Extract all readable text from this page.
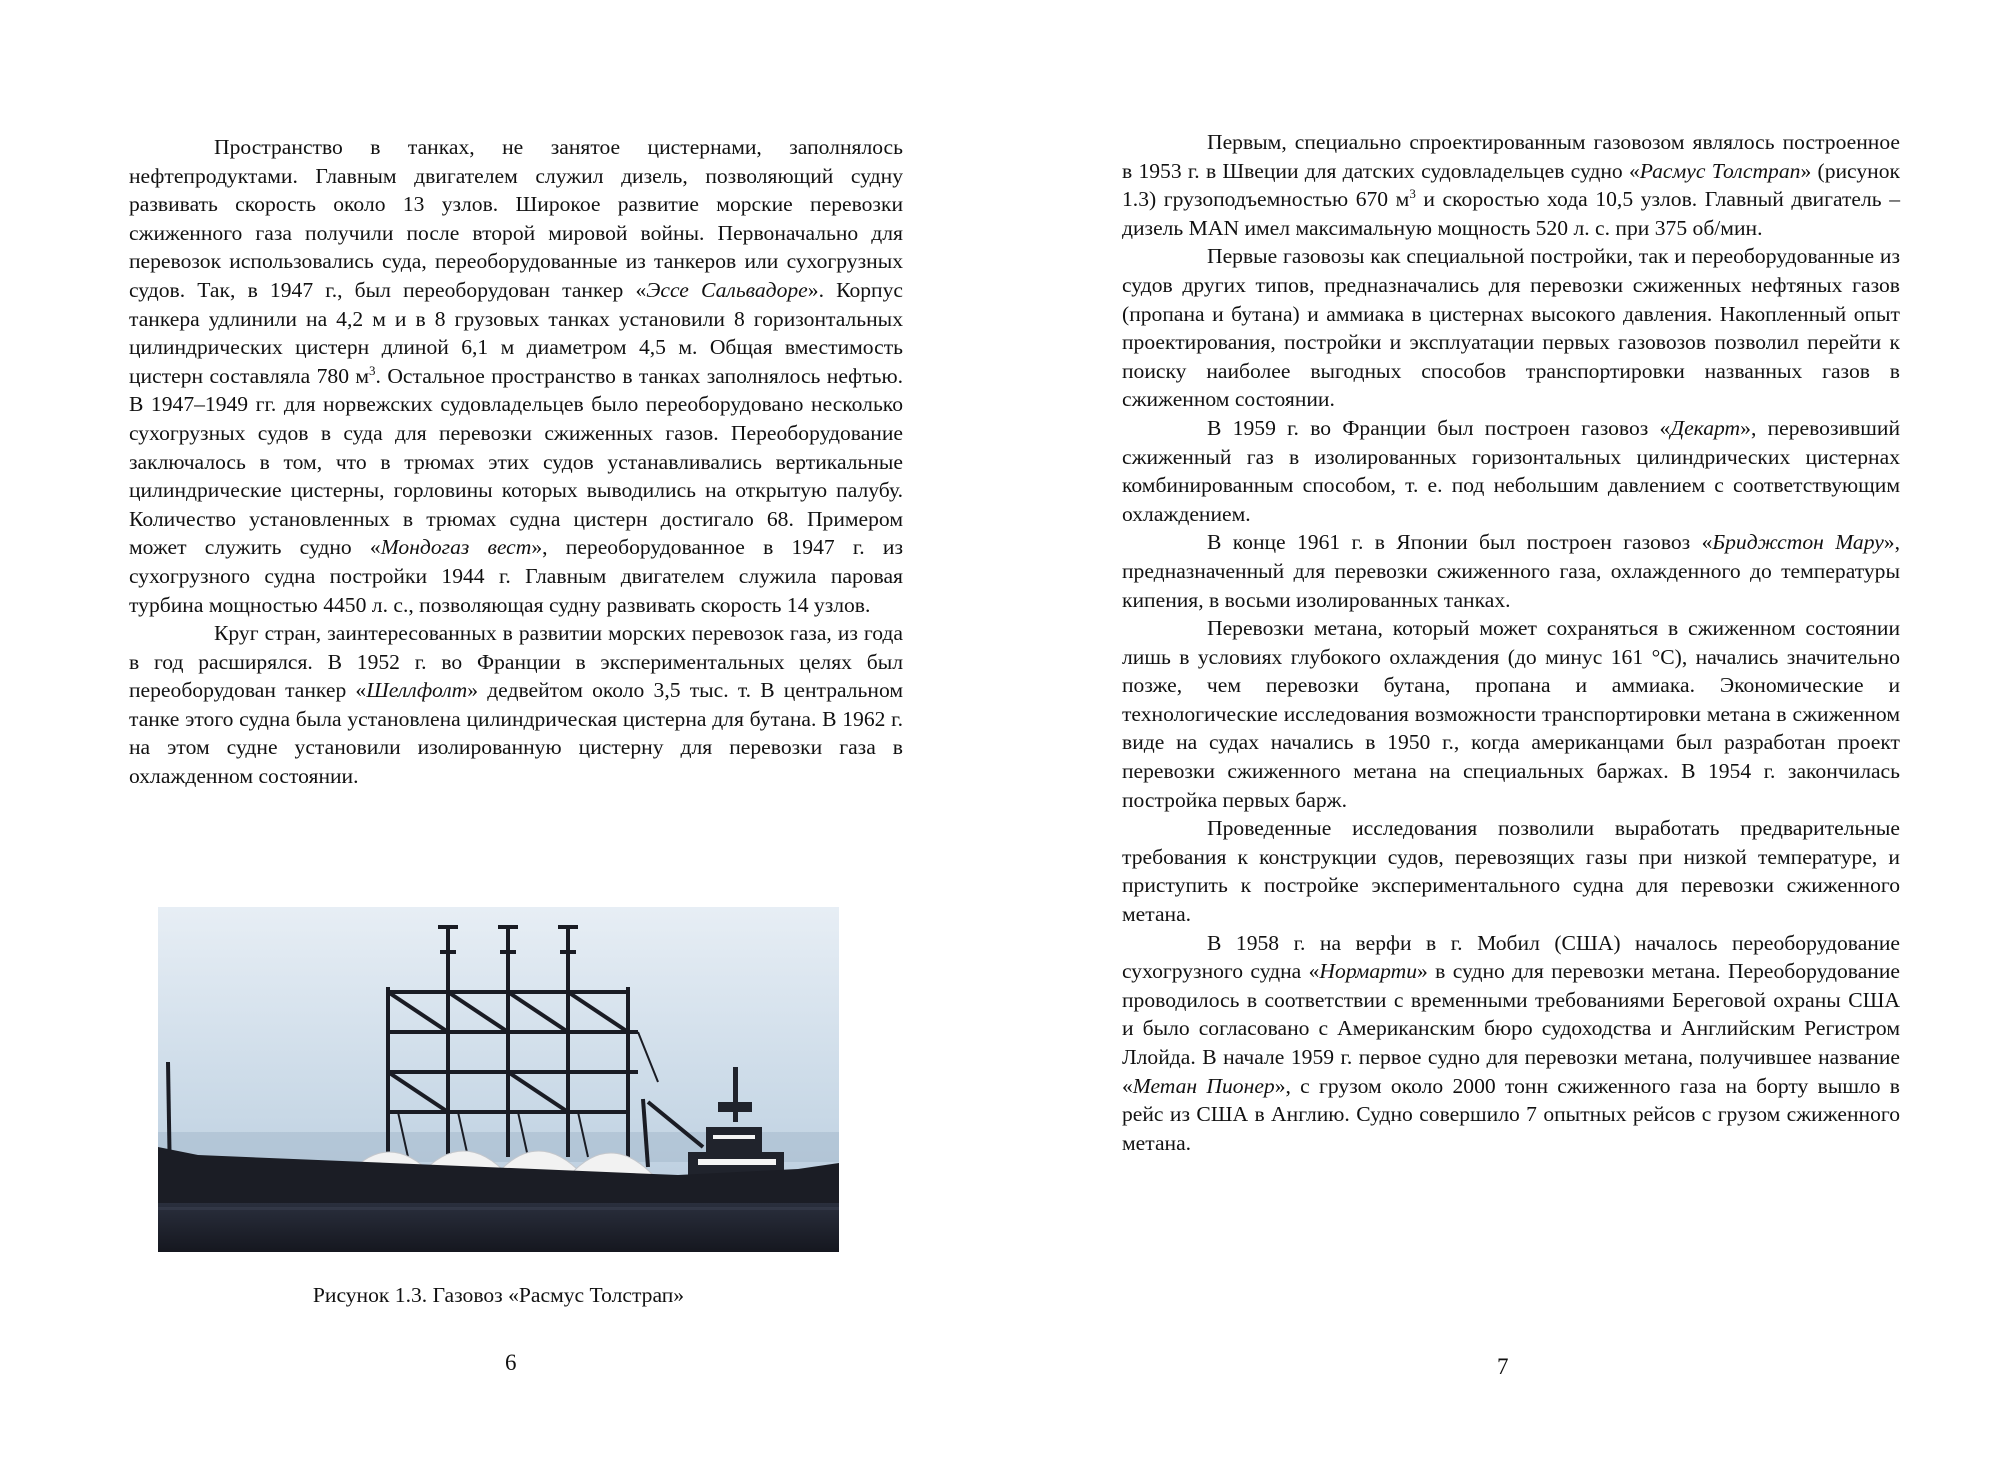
Пространство в танках, не занятое цистернами, заполнялось нефтепродуктами. Главным двигателем служил дизель, позволяющий судну развивать скорость около 13 узлов. Широкое развитие морские перевозки сжиженного газа получили после второй мировой войны. Первоначально для перевозок использовались суда, переоборудованные из танкеров или сухогрузных судов. Так, в 1947 г., был переоборудован танкер «Эссе Сальвадоре». Корпус танкера удлинили на 4,2 м и в 8 грузовых танках установили 8 горизонтальных цилиндрических цистерн длиной 6,1 м диаметром 4,5 м. Общая вместимость цистерн составляла 780 $м^3$. Остальное пространство в танках заполнялось нефтью. В 1947–1949 гг. для норвежских судовладельцев было переоборудовано несколько сухогрузных судов в суда для перевозки сжиженных газов. Переоборудование заключалось в том, что в трюмах этих судов устанавливались вертикальные цилиндрические цистерны, горловины которых выводились на открытую палубу. Количество установленных в трюмах судна цистерн достигало 68. Примером может служить судно «Мондогаз вест», переоборудованное в 1947 г. из сухогрузного судна постройки 1944 г. Главным двигателем служила паровая турбина мощностью 4450 л. с., позволяющая судну развивать скорость 14 узлов.

Круг стран, заинтересованных в развитии морских перевозок газа, из года в год расширялся. В 1952 г. во Франции в экспериментальных целях был переоборудован танкер «Шеллфолт» дедвейтом около 3,5 тыс. т. В центральном танке этого судна была установлена цилиндрическая цистерна для бутана. В 1962 г. на этом судне установили изолированную цистерну для перевозки газа в охлажденном состоянии.

Рисунок 1.3. Газовоз «Расмус Толстрап»
6

Первым, специально спроектированным газовозом являлось построенное в 1953 г. в Швеции для датских судовладельцев судно «Расмус Толстрап» (рисунок 1.3) грузоподъемностью 670 $м^3$ и скоростью хода 10,5 узлов. Главный двигатель – дизель MAN имел максимальную мощность 520 л. с. при 375 об/мин.

Первые газовозы как специальной постройки, так и переоборудованные из судов других типов, предназначались для перевозки сжиженных нефтяных газов (пропана и бутана) и аммиака в цистернах высокого давления. Накопленный опыт проектирования, постройки и эксплуатации первых газовозов позволил перейти к поиску наиболее выгодных способов транспортировки названных газов в сжиженном состоянии.

В 1959 г. во Франции был построен газовоз «Декарт», перевозивший сжиженный газ в изолированных горизонтальных цилиндрических цистернах комбинированным способом, т. е. под небольшим давлением с соответствующим охлаждением.

В конце 1961 г. в Японии был построен газовоз «Бриджстон Мару», предназначенный для перевозки сжиженного газа, охлажденного до температуры кипения, в восьми изолированных танках.

Перевозки метана, который может сохраняться в сжиженном состоянии лишь в условиях глубокого охлаждения (до минус 161 °С), начались значительно позже, чем перевозки бутана, пропана и аммиака. Экономические и технологические исследования возможности транспортировки метана в сжиженном виде на судах начались в 1950 г., когда американцами был разработан проект перевозки сжиженного метана на специальных баржах. В 1954 г. закончилась постройка первых барж.

Проведенные исследования позволили выработать предварительные требования к конструкции судов, перевозящих газы при низкой температуре, и приступить к постройке экспериментального судна для перевозки сжиженного метана.

В 1958 г. на верфи в г. Мобил (США) началось переоборудование сухогрузного судна «Нормарти» в судно для перевозки метана. Переоборудование проводилось в соответствии с временными требованиями Береговой охраны США и было согласовано с Американским бюро судоходства и Английским Регистром Ллойда. В начале 1959 г. первое судно для перевозки метана, получившее название «Метан Пионер», с грузом около 2000 тонн сжиженного газа на борту вышло в рейс из США в Англию. Судно совершило 7 опытных рейсов с грузом сжиженного метана.

7
